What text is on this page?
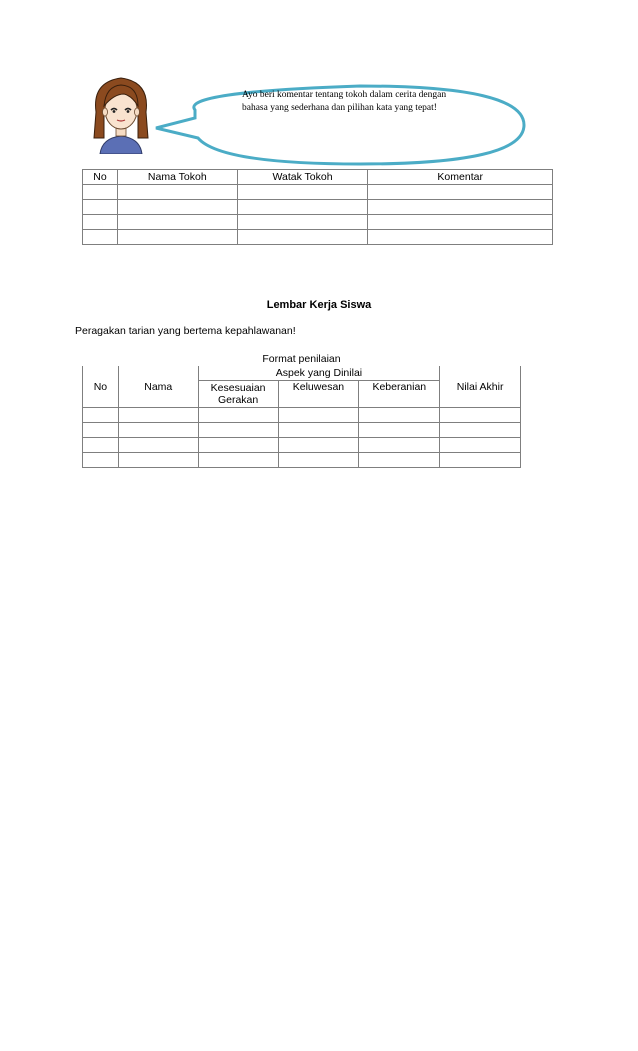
Ayo beri komentar tentang tokoh dalam cerita dengan bahasa yang sederhana dan pilihan kata yang tepat!
No	Nama Tokoh	Watak Tokoh	Komentar

Lembar Kerja Siswa
Peragakan tarian yang bertema kepahlawanan!
Format penilaian					
No	Nama	Aspek yang Dinilai			Nilai Akhir
		Kesesuaian Gerakan	Keluwesan	Keberanian	
